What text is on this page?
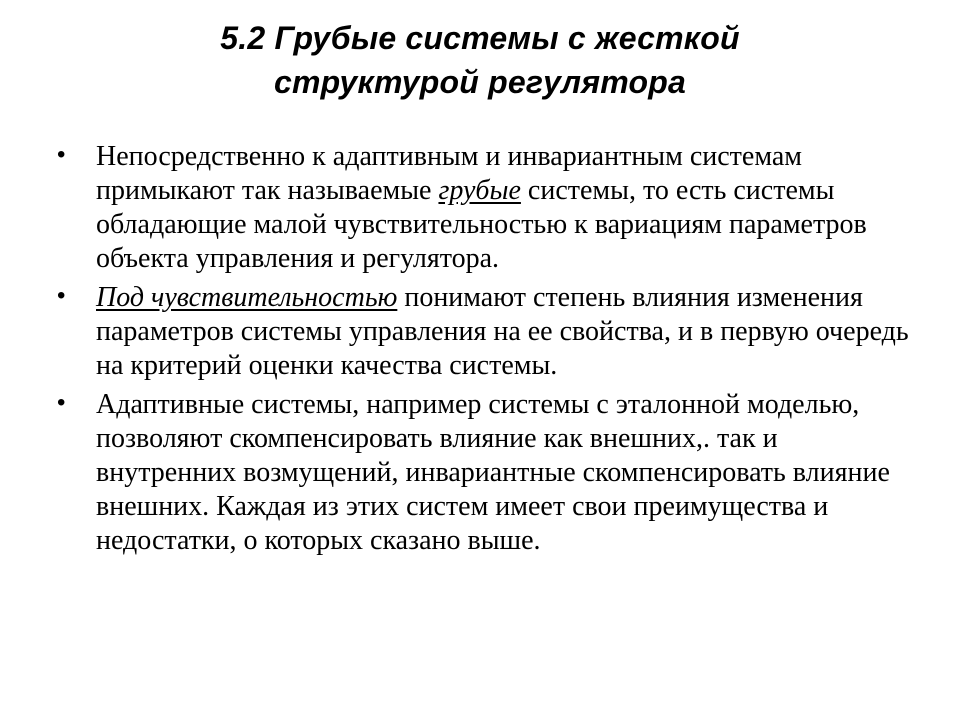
5.2 Грубые системы с жесткой
структурой регулятора
• Непосредственно к адаптивным и инвариантным системам примыкают так называемые грубые системы, то есть системы обладающие малой чувствительностью к вариациям параметров объекта управления и регулятора.
• Под чувствительностью понимают степень влияния изменения параметров системы управления на ее свойства, и в первую очередь на критерий оценки качества системы.
• Адаптивные системы, например системы с эталонной моделью, позволяют скомпенсировать влияние как внешних,. так и внутренних возмущений, инвариантные скомпенсировать влияние внешних. Каждая из этих систем имеет свои преимущества и недостатки, о которых сказано выше.
